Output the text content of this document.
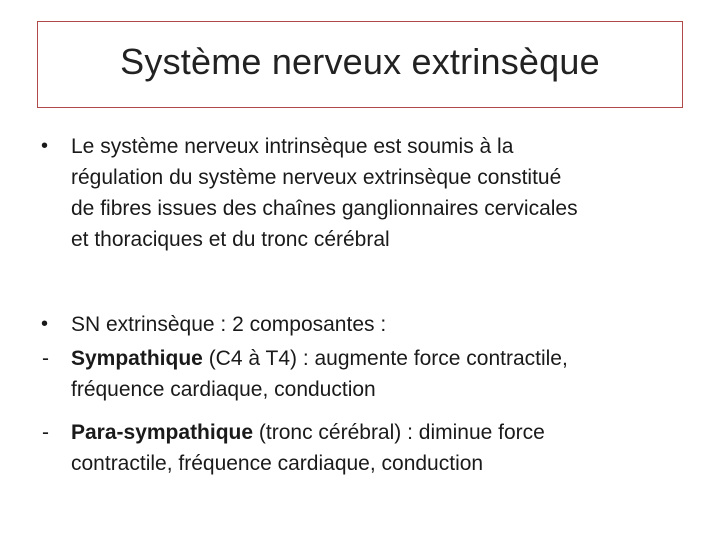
Système nerveux extrinsèque
•	Le système nerveux intrinsèque est soumis à la
régulation du système nerveux extrinsèque constitué
de fibres issues des chaînes ganglionnaires cervicales
et thoraciques et du tronc cérébral
•	SN extrinsèque : 2 composantes :
-	Sympathique (C4 à T4) : augmente force contractile,
fréquence cardiaque, conduction
-	Para-sympathique (tronc cérébral) : diminue force
contractile, fréquence cardiaque, conduction
